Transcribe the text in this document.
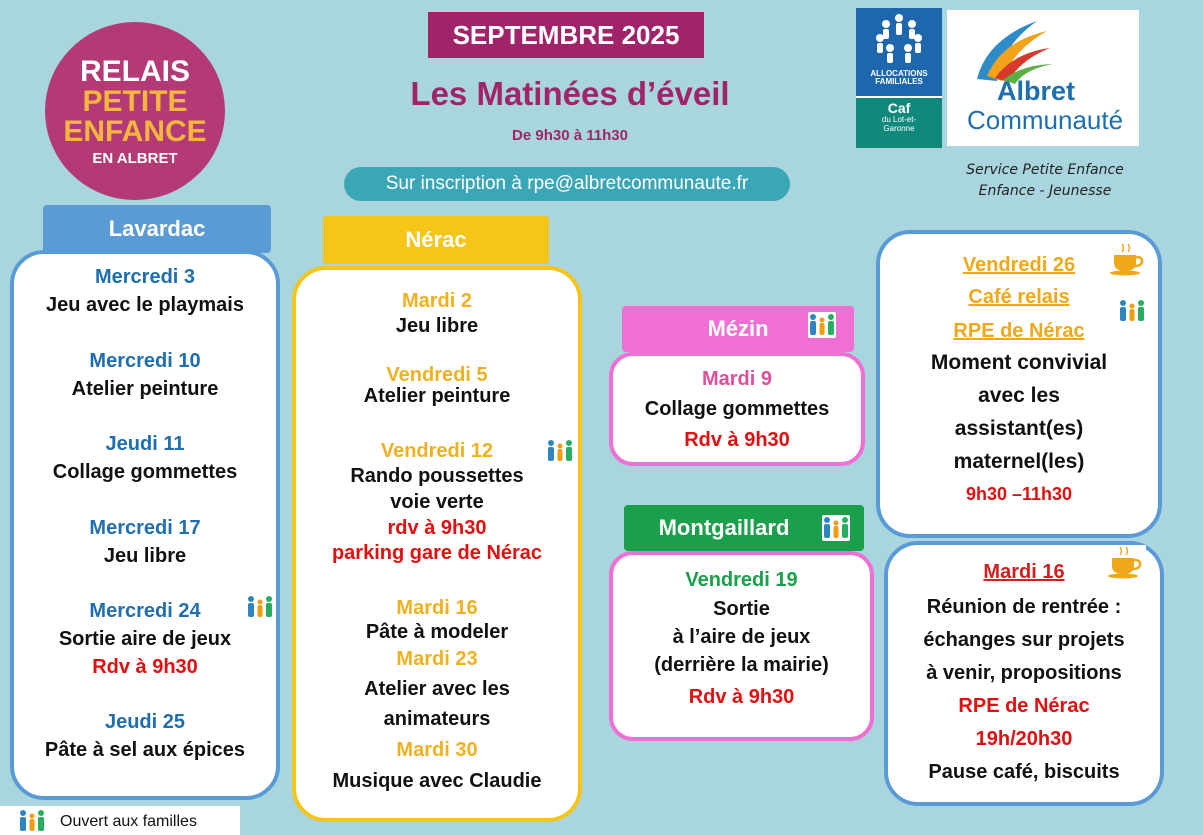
RELAIS
PETITE
ENFANCE
EN ALBRET
ALLOCATIONS
FAMILIALES
Caf
du Lot-et-
Garonne
Albret
Communauté
Service Petite Enfance
Enfance - Jeunesse
SEPTEMBRE 2025
Les Matinées d’éveil
De 9h30 à 11h30
Sur inscription à rpe@albretcommunaute.fr
Lavardac
Mercredi 3
Jeu avec le playmais
Mercredi 10
Atelier peinture
Jeudi 11
Collage gommettes
Mercredi 17
Jeu libre
Mercredi 24
Sortie aire de jeux
Rdv à 9h30
Jeudi 25
Pâte à sel aux épices
Nérac
Mardi 2
Jeu libre
Vendredi 5
Atelier peinture
Vendredi 12
Rando poussettes
voie verte
rdv à 9h30
parking gare de Nérac
Mardi 16
Pâte à modeler
Mardi 23
Atelier avec les
animateurs
Mardi 30
Musique avec Claudie
Mézin
Mardi 9
Collage gommettes
Rdv à 9h30
Montgaillard
Vendredi 19
Sortie
à l’aire de jeux
(derrière la mairie)
Rdv à 9h30
Vendredi 26
Café relais
RPE de Nérac
Moment convivial
avec les
assistant(es)
maternel(les)
9h30 –11h30
Mardi 16
Réunion de rentrée :
échanges sur projets
à venir, propositions
RPE de Nérac
19h/20h30
Pause café, biscuits
Ouvert aux familles
